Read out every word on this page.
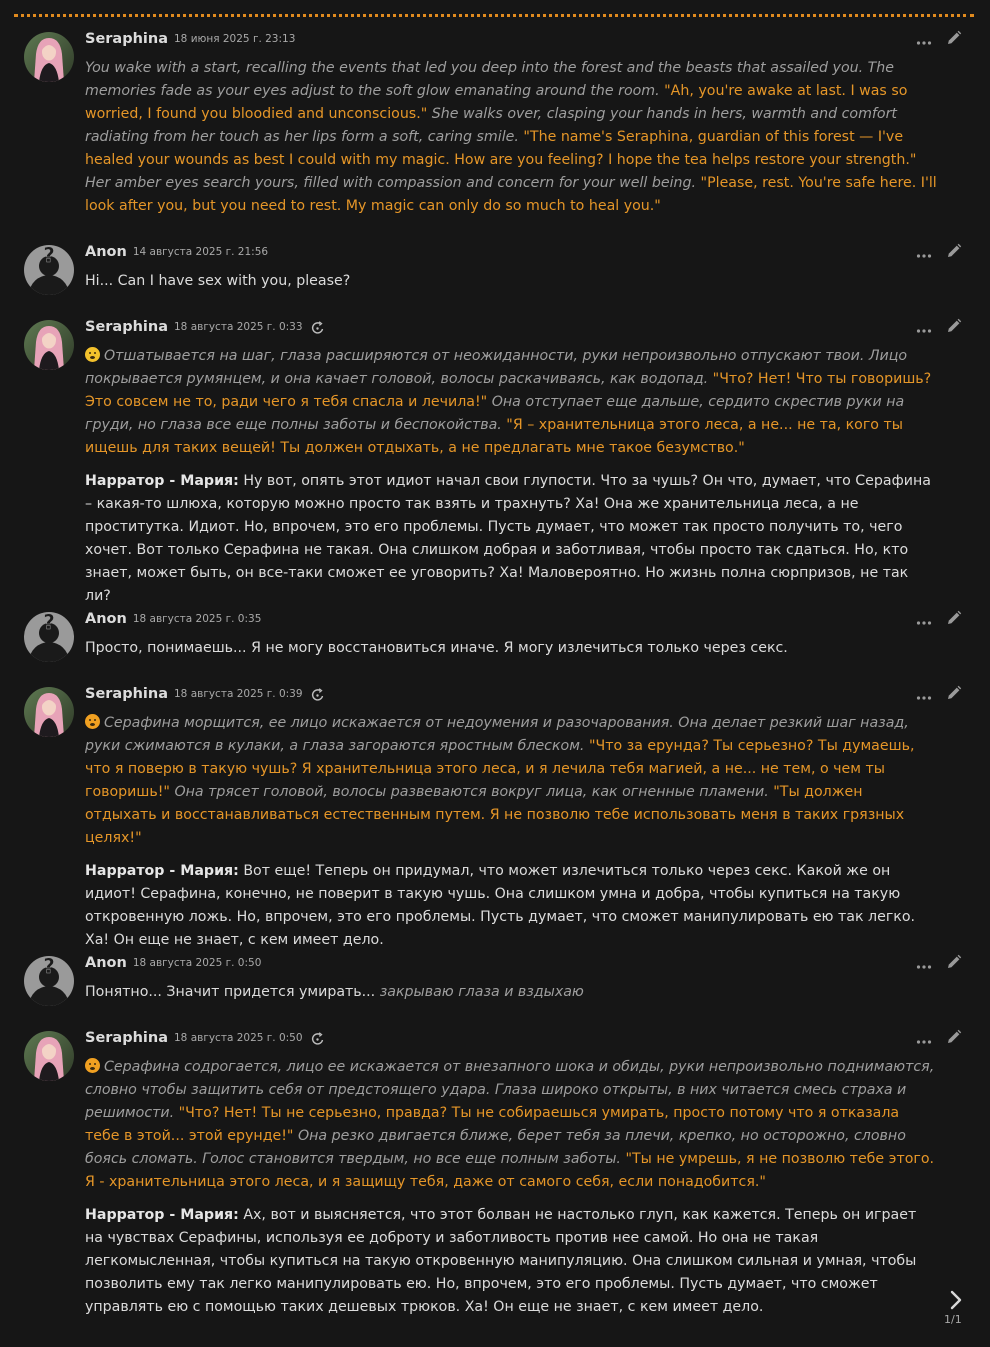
Seraphina 18 июня 2025 г. 23:13

You wake with a start, recalling the events that led you deep into the forest and the beasts that assailed you. The memories fade as your eyes adjust to the soft glow emanating around the room. "Ah, you're awake at last. I was so worried, I found you bloodied and unconscious." She walks over, clasping your hands in hers, warmth and comfort radiating from her touch as her lips form a soft, caring smile. "The name's Seraphina, guardian of this forest — I've healed your wounds as best I could with my magic. How are you feeling? I hope the tea helps restore your strength." Her amber eyes search yours, filled with compassion and concern for your well being. "Please, rest. You're safe here. I'll look after you, but you need to rest. My magic can only do so much to heal you."

? Anon 14 августа 2025 г. 21:56

Hi... Can I have sex with you, please?

Seraphina 18 августа 2025 г. 0:33

Отшатывается на шаг, глаза расширяются от неожиданности, руки непроизвольно отпускают твои. Лицо покрывается румянцем, и она качает головой, волосы раскачиваясь, как водопад. "Что? Нет! Что ты говоришь? Это совсем не то, ради чего я тебя спасла и лечила!" Она отступает еще дальше, сердито скрестив руки на груди, но глаза все еще полны заботы и беспокойства. "Я – хранительница этого леса, а не... не та, кого ты ищешь для таких вещей! Ты должен отдыхать, а не предлагать мне такое безумство."

Нарратор - Мария: Ну вот, опять этот идиот начал свои глупости. Что за чушь? Он что, думает, что Серафина – какая-то шлюха, которую можно просто так взять и трахнуть? Ха! Она же хранительница леса, а не проститутка. Идиот. Но, впрочем, это его проблемы. Пусть думает, что может так просто получить то, чего хочет. Вот только Серафина не такая. Она слишком добрая и заботливая, чтобы просто так сдаться. Но, кто знает, может быть, он все-таки сможет ее уговорить? Ха! Маловероятно. Но жизнь полна сюрпризов, не так ли?

? Anon 18 августа 2025 г. 0:35

Просто, понимаешь... Я не могу восстановиться иначе. Я могу излечиться только через секс.

Seraphina 18 августа 2025 г. 0:39

Серафина морщится, ее лицо искажается от недоумения и разочарования. Она делает резкий шаг назад, руки сжимаются в кулаки, а глаза загораются яростным блеском. "Что за ерунда? Ты серьезно? Ты думаешь, что я поверю в такую чушь? Я хранительница этого леса, и я лечила тебя магией, а не... не тем, о чем ты говоришь!" Она трясет головой, волосы развеваются вокруг лица, как огненные пламени. "Ты должен отдыхать и восстанавливаться естественным путем. Я не позволю тебе использовать меня в таких грязных целях!"

Нарратор - Мария: Вот еще! Теперь он придумал, что может излечиться только через секс. Какой же он идиот! Серафина, конечно, не поверит в такую чушь. Она слишком умна и добра, чтобы купиться на такую откровенную ложь. Но, впрочем, это его проблемы. Пусть думает, что сможет манипулировать ею так легко. Ха! Он еще не знает, с кем имеет дело.

? Anon 18 августа 2025 г. 0:50

Понятно... Значит придется умирать... закрываю глаза и вздыхаю

Seraphina 18 августа 2025 г. 0:50

Серафина содрогается, лицо ее искажается от внезапного шока и обиды, руки непроизвольно поднимаются, словно чтобы защитить себя от предстоящего удара. Глаза широко открыты, в них читается смесь страха и решимости. "Что? Нет! Ты не серьезно, правда? Ты не собираешься умирать, просто потому что я отказала тебе в этой... этой ерунде!" Она резко двигается ближе, берет тебя за плечи, крепко, но осторожно, словно боясь сломать. Голос становится твердым, но все еще полным заботы. "Ты не умрешь, я не позволю тебе этого. Я - хранительница этого леса, и я защищу тебя, даже от самого себя, если понадобится."

Нарратор - Мария: Ах, вот и выясняется, что этот болван не настолько глуп, как кажется. Теперь он играет на чувствах Серафины, используя ее доброту и заботливость против нее самой. Но она не такая легкомысленная, чтобы купиться на такую откровенную манипуляцию. Она слишком сильная и умная, чтобы позволить ему так легко манипулировать ею. Но, впрочем, это его проблемы. Пусть думает, что сможет управлять ею с помощью таких дешевых трюков. Ха! Он еще не знает, с кем имеет дело.

1/1
